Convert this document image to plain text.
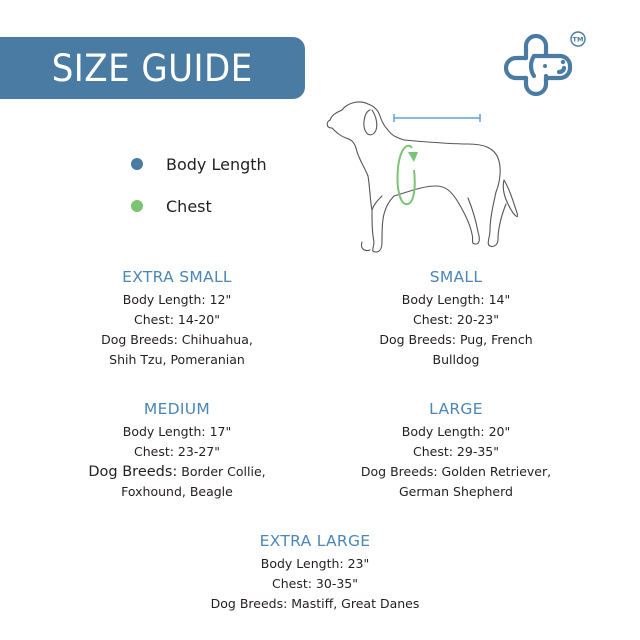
SIZE GUIDE
TM
Body Length
Chest
EXTRA SMALL
Body Length: 12"
Chest: 14-20"
Dog Breeds: Chihuahua,
Shih Tzu, Pomeranian
SMALL
Body Length: 14"
Chest: 20-23"
Dog Breeds: Pug, French
Bulldog
MEDIUM
Body Length: 17"
Chest: 23-27"
Dog Breeds: Border Collie,
Foxhound, Beagle
LARGE
Body Length: 20"
Chest: 29-35"
Dog Breeds: Golden Retriever,
German Shepherd
EXTRA LARGE
Body Length: 23"
Chest: 30-35"
Dog Breeds: Mastiff, Great Danes
